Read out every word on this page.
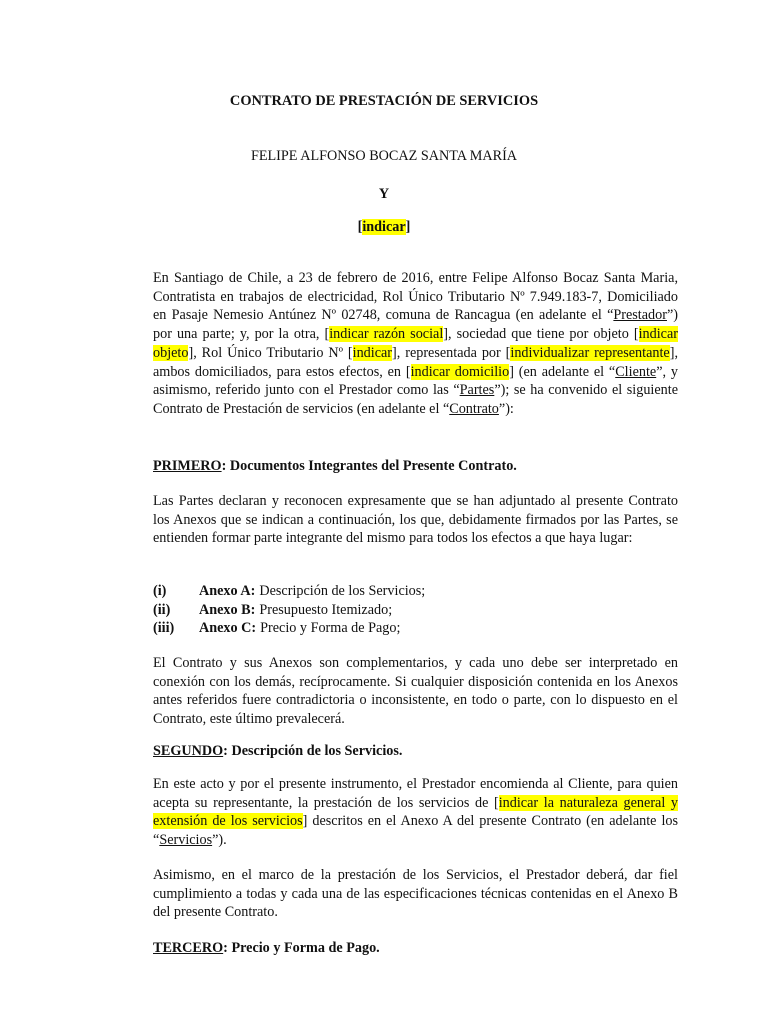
CONTRATO DE PRESTACIÓN DE SERVICIOS
FELIPE ALFONSO BOCAZ SANTA MARÍA
Y
[indicar]
En Santiago de Chile, a 23 de febrero de 2016, entre Felipe Alfonso Bocaz Santa Maria, Contratista en trabajos de electricidad, Rol Único Tributario Nº 7.949.183-7, Domiciliado en Pasaje Nemesio Antúnez Nº 02748, comuna de Rancagua (en adelante el “Prestador”) por una parte; y, por la otra, [indicar razón social], sociedad que tiene por objeto [indicar objeto], Rol Único Tributario Nº [indicar], representada por [individualizar representante], ambos domiciliados, para estos efectos, en [indicar domicilio] (en adelante el “Cliente”, y asimismo, referido junto con el Prestador como las “Partes”); se ha convenido el siguiente Contrato de Prestación de servicios (en adelante el “Contrato”):
PRIMERO: Documentos Integrantes del Presente Contrato.
Las Partes declaran y reconocen expresamente que se han adjuntado al presente Contrato los Anexos que se indican a continuación, los que, debidamente firmados por las Partes, se entienden formar parte integrante del mismo para todos los efectos a que haya lugar:
(i)	Anexo A: Descripción de los Servicios;
(ii)	Anexo B: Presupuesto Itemizado;
(iii)	Anexo C: Precio y Forma de Pago;
El Contrato y sus Anexos son complementarios, y cada uno debe ser interpretado en conexión con los demás, recíprocamente. Si cualquier disposición contenida en los Anexos antes referidos fuere contradictoria o inconsistente, en todo o parte, con lo dispuesto en el Contrato, este último prevalecerá.
SEGUNDO: Descripción de los Servicios.
En este acto y por el presente instrumento, el Prestador encomienda al Cliente, para quien acepta su representante, la prestación de los servicios de [indicar la naturaleza general y extensión de los servicios] descritos en el Anexo A del presente Contrato (en adelante los “Servicios”).
Asimismo, en el marco de la prestación de los Servicios, el Prestador deberá, dar fiel cumplimiento a todas y cada una de las especificaciones técnicas contenidas en el Anexo B del presente Contrato.
TERCERO: Precio y Forma de Pago.
